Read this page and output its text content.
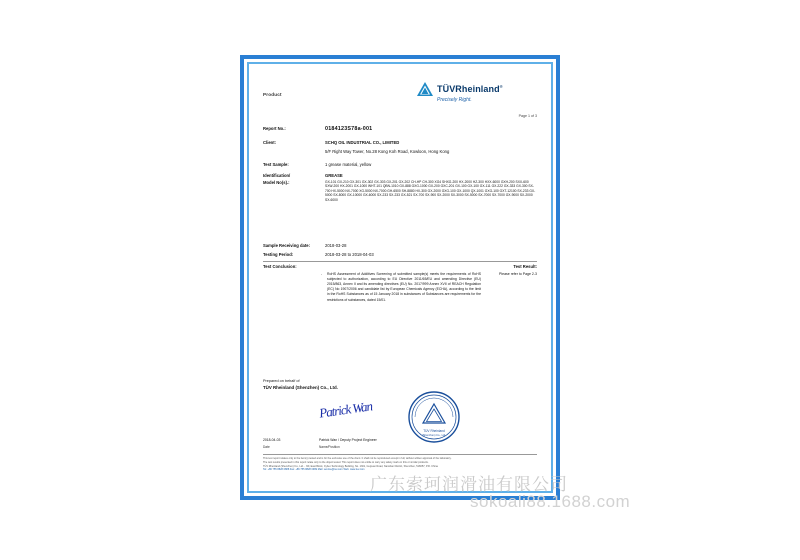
Product
TÜVRheinland®
Precisely Right.
Page 1 of 3
Report No.:	0184123S78a-001
Client:	SCHQ OIL INDUSTRIAL CO., LIMITED
5/F Right Way Tower, No.28 Kong Koh Road, Kowloon, Hong Kong
Test Sample:	1 grease material, yellow
Identification/	GREASE
Model No(s).:	GX-101 GX-210 GX-301 GX-302 GX-303 GX-201 GX-202 CH-HP CH-300 XG4 SHXG-200 HX-2000 HZ-300 HXX-6000 GXH-200 SXX-600 SXW-200 HX-2001 GX-1000 WHT-101 QBN-1010 GX-888 GXG-1000 GX-200 GXC-201 GX-100 GX-100 GX-111 GX-222 GX-333 GX-300 SX-700 HX-5000 NX-7000 XG-5000 NX-7000 GH-6500 SH-8880 HX-300 GX-2000 GXG-100 GX-1000 QX-1001 GXG-100 GXT-12100 SX-233 GX-5000 SX-8000 GX-10000 GX-6000 SX-233 SX-233 GX-521 SX-700 SX-900 SX-2000 SX-3000 SX-5000 SX-7000 SX-7000 GX-9000 SX-2000 SX-6000
Sample Receiving date:	2018-03-28
Testing Period:	2018-03-28 to 2018-04-03
Test Conclusion:	Test Result:
- RoHS Assessment of Additives Screening of submitted sample(s) meets the requirements of RoHS subjected to authorization, according to EU Directive 2011/65/EU and amending Directive (EU) 2015/863, Annex II and its amending directives (EU) No. 2017/999 Annex XVII of REACH Regulation (EC) No 1907/2006 and candidate list by European Chemicals Agency (ECHA), according to the limit in the RoHS Substances as of 15 January 2018 in substances of Substances are requirements for the restrictions of substances, dated 15/01.
Please refer to Page 2-3
Prepared on behalf of
TÜV Rheinland (Shenzhen) Co., Ltd.
TÜV Rheinland
(Shenzhen) Co., Ltd.
Patrick Wan
2018-04-03
Date
Patrick Wan / Deputy Project Engineer
Name/Position
This test report relates only to the item(s) tested and is for the exclusive use of the client. It shall not be reproduced except in full, without written approval of the laboratory.
The test results presented in this report relate only to the object tested. This report does not entitle to carry any safety mark on this or similar products.
TÜV Rheinland (Shenzhen) Co., Ltd. - 3/F, East Block, Cyber-Technology Building, No. 1301, Guiyuan Road, Nanshan District, Shenzhen, 518057, P.R. China
Tel: +86 755 8828 0888 Fax: +86 755 8828 0999 Mail: service@tuv.com Web: www.tuv.com
广东索珂润滑油有限公司
sokoali88.1688.com
